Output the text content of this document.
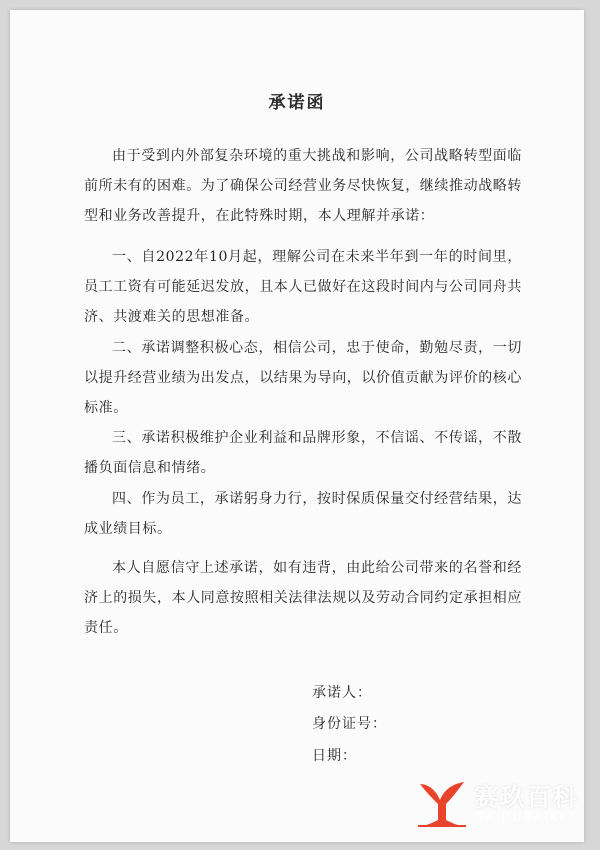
承诺函

由于受到内外部复杂环境的重大挑战和影响，公司战略转型面临前所未有的困难。为了确保公司经营业务尽快恢复，继续推动战略转型和业务改善提升，在此特殊时期，本人理解并承诺：

一、自2022年10月起，理解公司在未来半年到一年的时间里，员工工资有可能延迟发放，且本人已做好在这段时间内与公司同舟共济、共渡难关的思想准备。

二、承诺调整积极心态，相信公司，忠于使命，勤勉尽责，一切以提升经营业绩为出发点，以结果为导向，以价值贡献为评价的核心标准。

三、承诺积极维护企业利益和品牌形象，不信谣、不传谣，不散播负面信息和情绪。

四、作为员工，承诺躬身力行，按时保质保量交付经营结果，达成业绩目标。

本人自愿信守上述承诺，如有违背，由此给公司带来的名誉和经济上的损失，本人同意按照相关法律法规以及劳动合同约定承担相应责任。

承诺人：
身份证号：
日期：
赛玖百科
SAIJIUBAIKE
